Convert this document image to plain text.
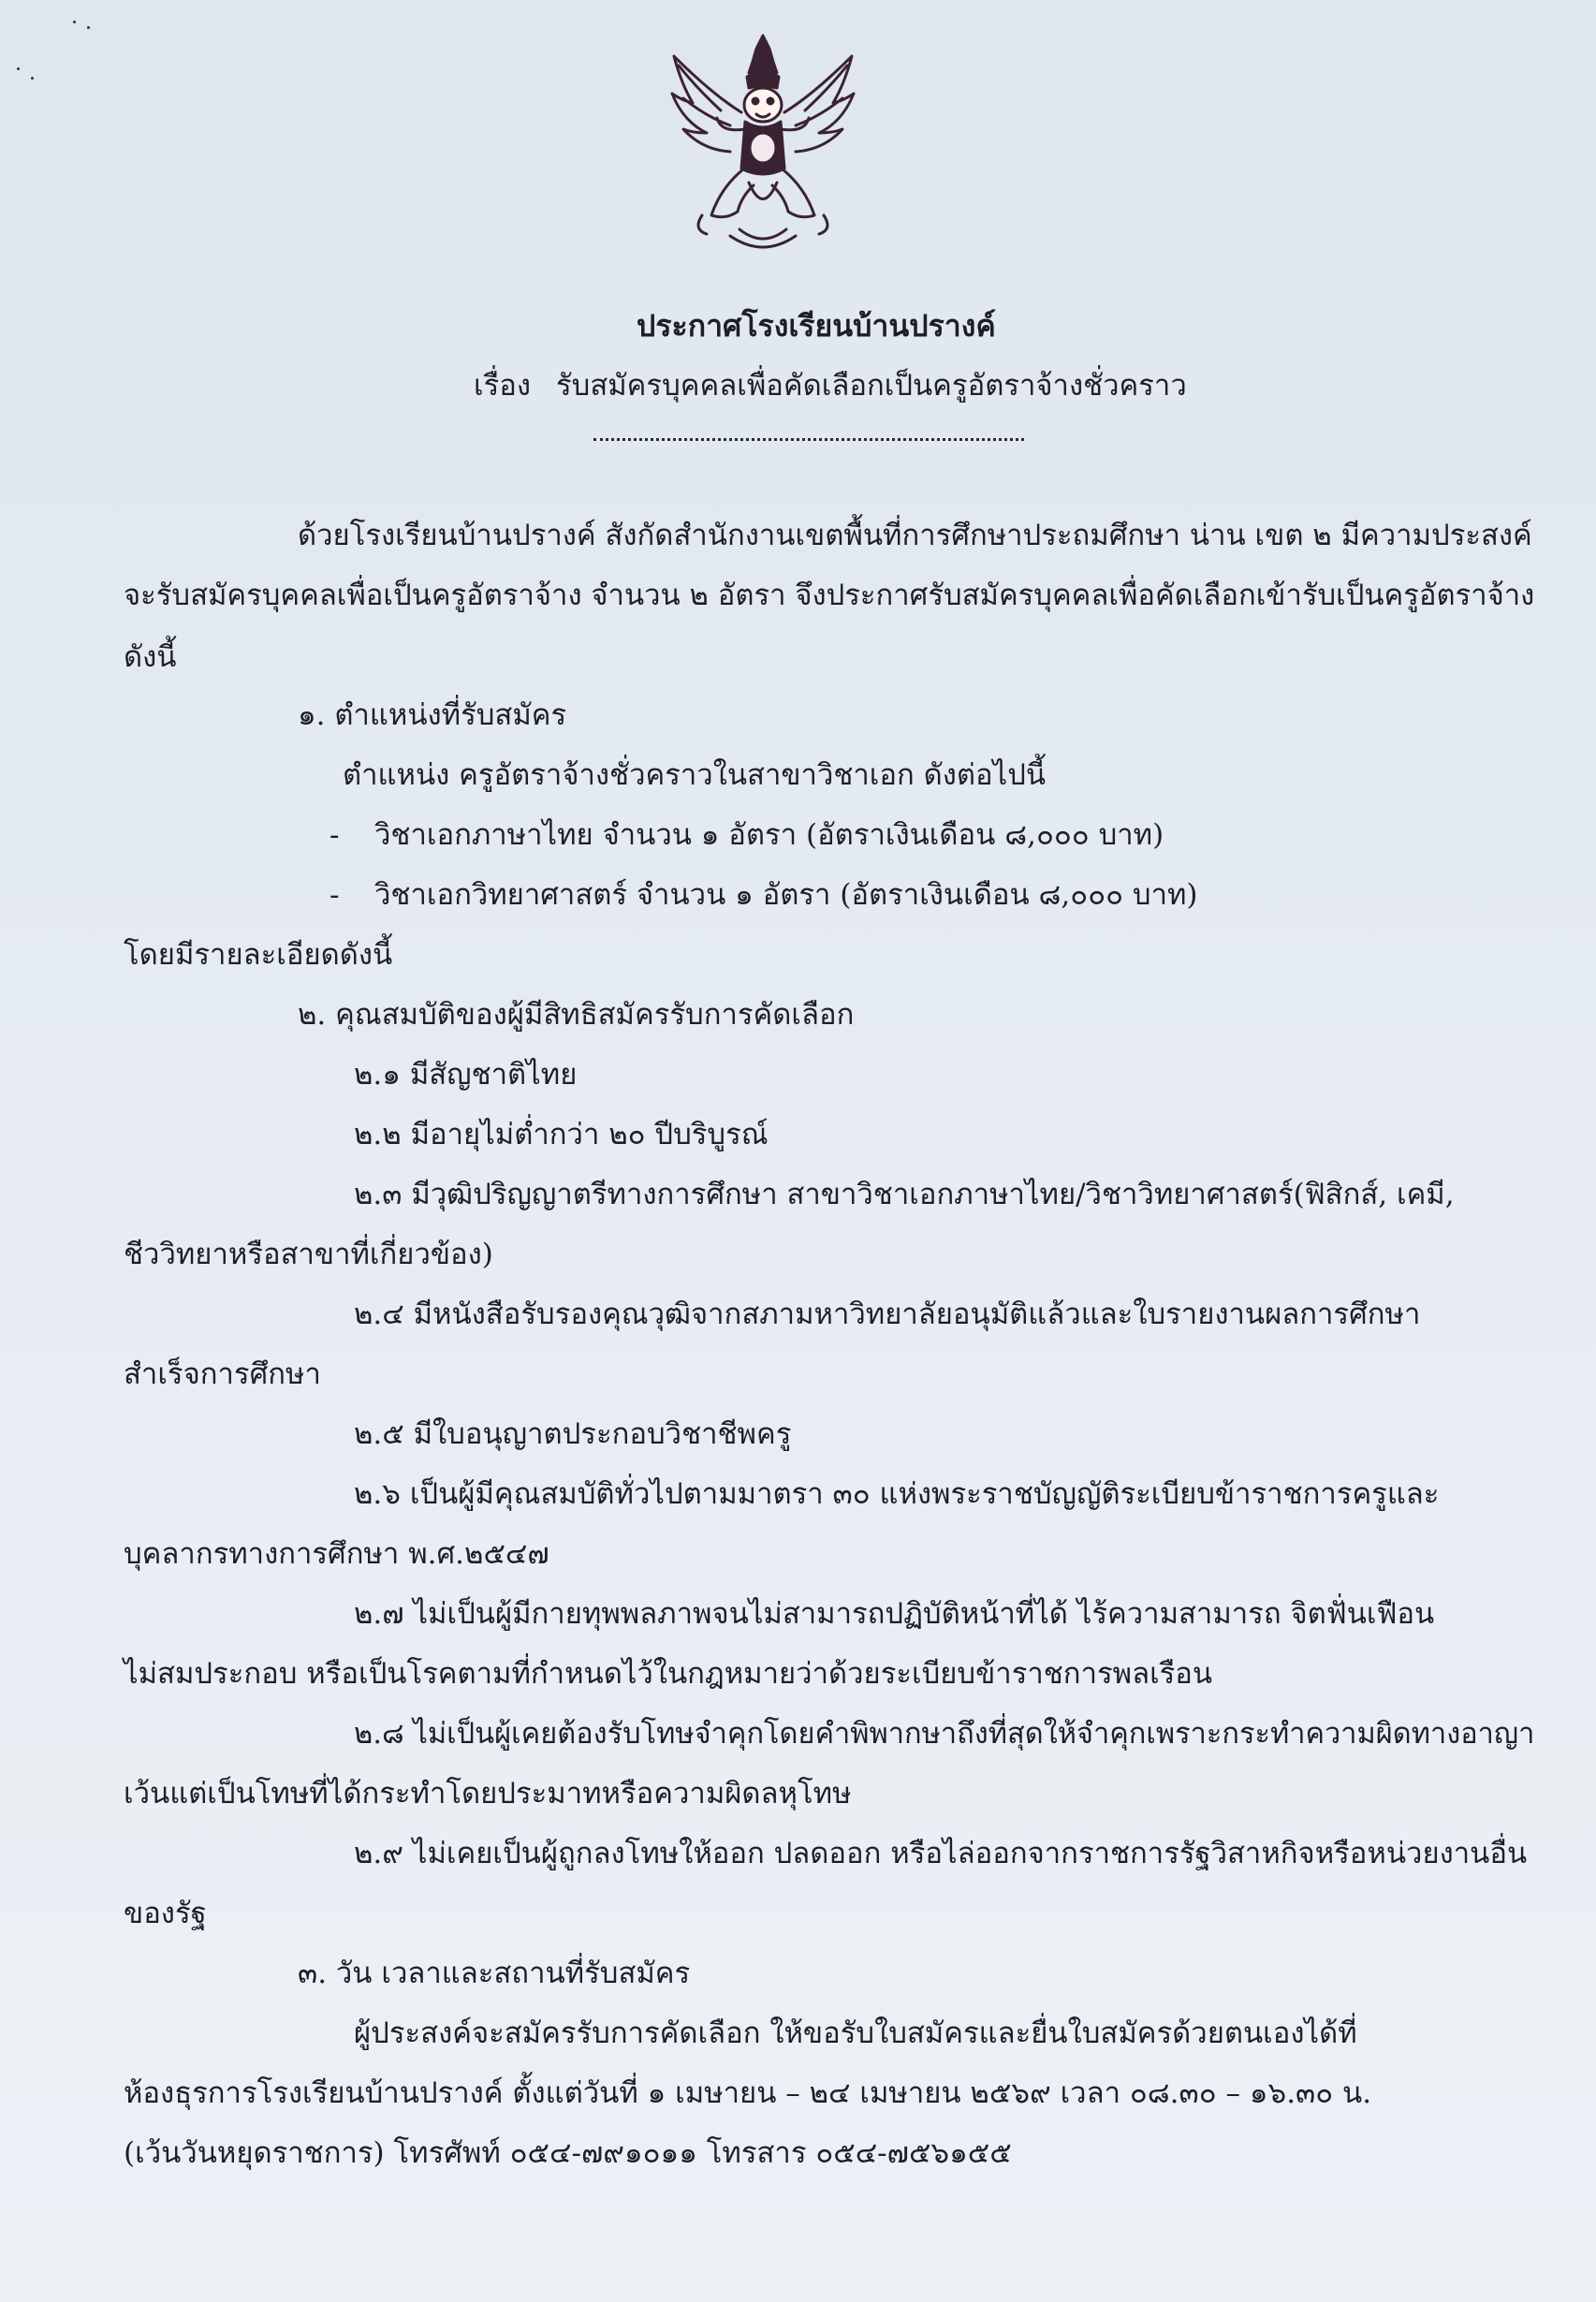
ประกาศโรงเรียนบ้านปรางค์
เรื่อง รับสมัครบุคคลเพื่อคัดเลือกเป็นครูอัตราจ้างชั่วคราว
ด้วยโรงเรียนบ้านปรางค์ สังกัดสำนักงานเขตพื้นที่การศึกษาประถมศึกษา น่าน เขต ๒ มีความประสงค์
จะรับสมัครบุคคลเพื่อเป็นครูอัตราจ้าง จำนวน ๒ อัตรา จึงประกาศรับสมัครบุคคลเพื่อคัดเลือกเข้ารับเป็นครูอัตราจ้าง
ดังนี้
๑. ตำแหน่งที่รับสมัคร
ตำแหน่ง ครูอัตราจ้างชั่วคราวในสาขาวิชาเอก ดังต่อไปนี้
- วิชาเอกภาษาไทย จำนวน ๑ อัตรา (อัตราเงินเดือน ๘,๐๐๐ บาท)
- วิชาเอกวิทยาศาสตร์ จำนวน ๑ อัตรา (อัตราเงินเดือน ๘,๐๐๐ บาท)
โดยมีรายละเอียดดังนี้
๒. คุณสมบัติของผู้มีสิทธิสมัครรับการคัดเลือก
๒.๑ มีสัญชาติไทย
๒.๒ มีอายุไม่ต่ำกว่า ๒๐ ปีบริบูรณ์
๒.๓ มีวุฒิปริญญาตรีทางการศึกษา สาขาวิชาเอกภาษาไทย/วิชาวิทยาศาสตร์(ฟิสิกส์, เคมี,
ชีววิทยาหรือสาขาที่เกี่ยวข้อง)
๒.๔ มีหนังสือรับรองคุณวุฒิจากสภามหาวิทยาลัยอนุมัติแล้วและใบรายงานผลการศึกษา
สำเร็จการศึกษา
๒.๕ มีใบอนุญาตประกอบวิชาชีพครู
๒.๖ เป็นผู้มีคุณสมบัติทั่วไปตามมาตรา ๓๐ แห่งพระราชบัญญัติระเบียบข้าราชการครูและ
บุคลากรทางการศึกษา พ.ศ.๒๕๔๗
๒.๗ ไม่เป็นผู้มีกายทุพพลภาพจนไม่สามารถปฏิบัติหน้าที่ได้ ไร้ความสามารถ จิตฟั่นเฟือน
ไม่สมประกอบ หรือเป็นโรคตามที่กำหนดไว้ในกฎหมายว่าด้วยระเบียบข้าราชการพลเรือน
๒.๘ ไม่เป็นผู้เคยต้องรับโทษจำคุกโดยคำพิพากษาถึงที่สุดให้จำคุกเพราะกระทำความผิดทางอาญา
เว้นแต่เป็นโทษที่ได้กระทำโดยประมาทหรือความผิดลหุโทษ
๒.๙ ไม่เคยเป็นผู้ถูกลงโทษให้ออก ปลดออก หรือไล่ออกจากราชการรัฐวิสาหกิจหรือหน่วยงานอื่น
ของรัฐ
๓. วัน เวลาและสถานที่รับสมัคร
ผู้ประสงค์จะสมัครรับการคัดเลือก ให้ขอรับใบสมัครและยื่นใบสมัครด้วยตนเองได้ที่
ห้องธุรการโรงเรียนบ้านปรางค์ ตั้งแต่วันที่ ๑ เมษายน – ๒๔ เมษายน ๒๕๖๙ เวลา ๐๘.๓๐ – ๑๖.๓๐ น.
(เว้นวันหยุดราชการ) โทรศัพท์ ๐๕๔-๗๙๑๐๑๑ โทรสาร ๐๕๔-๗๕๖๑๕๕
